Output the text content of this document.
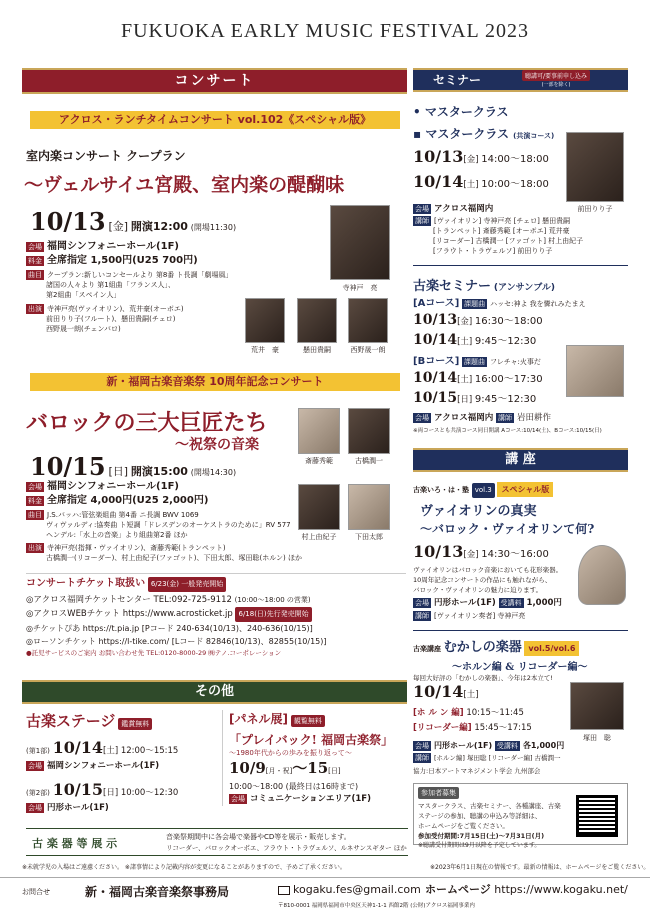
FUKUOKA EARLY MUSIC FESTIVAL 2023
コンサート
アクロス・ランチタイムコンサート vol.102《スペシャル版》
室内楽コンサート クープラン
～ヴェルサイユ宮殿、室内楽の醍醐味
10/13 [金] 開演12:00 (開場11:30)
会場 福岡シンフォニーホール(1F)
料金 全席指定 1,500円(U25 700円)
曲目 クープラン:新しいコンセールより 第8番 ト長調「劇場風」
諸国の人々より 第1組曲「フランス人」、
第2組曲「スペイン人」
出演 寺神戸亮(ヴァイオリン)、荒井豪(オーボエ)
前田りり子(フルート)、懸田貴嗣(チェロ)
西野晟一朗(チェンバロ)
寺神戸　亮
荒井　豪	懸田貴嗣	西野晟一朗
新・福岡古楽音楽祭 10周年記念コンサート
バロックの三大巨匠たち
～祝祭の音楽
10/15 [日] 開演15:00 (開場14:30)
会場 福岡シンフォニーホール(1F)
料金 全席指定 4,000円(U25 2,000円)
曲目 J.S.バッハ:管弦楽組曲 第4番 ニ長調 BWV 1069
ヴィヴァルディ:協奏曲 ト短調「ドレスデンのオーケストラのために」RV 577
ヘンデル:「水上の音楽」より組曲第2番 ほか
出演 寺神戸亮(指揮・ヴァイオリン)、斎藤秀範(トランペット)
古橋潤一(リコーダー)、村上由紀子(ファゴット)、下田太郎、塚田聡(ホルン) ほか
斎藤秀範	古橋潤一
村上由紀子	下田太郎
コンサートチケット取扱い 6/23(金) 一般発売開始
◎アクロス福岡チケットセンター TEL:092-725-9112 (10:00～18:00 の営業)
◎アクロスWEBチケット https://www.acrosticket.jp 6/18(日)先行発売開始
◎チケットぴあ https://t.pia.jp [Pコード 240-634(10/13)、240-636(10/15)]
◎ローソンチケット https://l-tike.com/ [Lコード 82846(10/13)、82855(10/15)]
●託児サービスのご案内 お問い合わせ先 TEL:0120-8000-29 ㈱テノ.コーポレーション
その他
古楽ステージ 鑑賞無料
(第1部) 10/14[土] 12:00～15:15
会場 福岡シンフォニーホール(1F)
(第2部) 10/15[日] 10:00～12:30
会場 円形ホール(1F)
[パネル展] 観覧無料
「プレイバック! 福岡古楽祭」
～1980年代からの歩みを振り返って～
10/9[月・祝]～15[日]
10:00～18:00 (最終日は16時まで)
会場 コミュニケーションエリア(1F)
古 楽 器 等 展 示	音楽祭期間中に各会場で楽器やCD等を展示・販売します。
リコーダー、バロックオーボエ、フラウト・トラヴェルソ、ルネサンスギター ほか
セミナー	聴講可/要事前申し込み
(一部を除く)
• マスタークラス
▪ マスタークラス (共演コース)
10/13[金] 14:00～18:00
10/14[土] 10:00～18:00
前田りり子
会場 アクロス福岡内
講師 [ヴァイオリン] 寺神戸亮 [チェロ] 懸田貴嗣
[トランペット] 斎藤秀範 [オーボエ] 荒井豪
[リコーダー] 古橋潤一 [ファゴット] 村上由紀子
[フラウト・トラヴェルソ] 前田りり子
古楽セミナー (アンサンブル)
[Aコース] 課題曲 ハッセ:神よ 我を憐れみたまえ
10/13[金] 16:30～18:00
10/14[土] 9:45～12:30
[Bコース] 課題曲 フレチャ:火事だ
10/14[土] 16:00～17:30
10/15[日] 9:45～12:30
会場 アクロス福岡内 講師 岩田耕作
※両コースとも共演コース同日開講 Aコース:10/14(土)、Bコース:10/15(日)
講 座
古楽いろ・は・塾 vol.3 スペシャル版
ヴァイオリンの真実
～バロック・ヴァイオリンて何?
10/13[金] 14:30～16:00
ヴァイオリンはバロック音楽においても花形楽器。
10周年記念コンサートの作品にも触れながら、
バロック・ヴァイオリンの魅力に迫ります。
会場 円形ホール(1F) 受講料 1,000円
講師 [ヴァイオリン奏者] 寺神戸亮
古楽講座 むかしの楽器 vol.5/vol.6
～ホルン編 & リコーダー編～
毎回大好評の「むかしの楽器」、今年は2本立て!
10/14[土]
[ホ ル ン 編] 10:15～11:45
[リコーダー編] 15:45～17:15
会場 円形ホール(1F) 受講料 各1,000円
講師 [ホルン編] 塚田聡 [リコーダー編] 古橋潤一
協力:日本アートマネジメント学会 九州部会
塚田　聡
参加者募集
マスタークラス、古楽セミナー、各種講座、古楽
ステージの参加、聴講の申込み等詳細は、
ホームページをご覧ください。
参加受付期間:7月15日(土)～7月31日(月)
※聴講受付期間は9月以降を予定しています。
※未就学児の入場はご遠慮ください。 ※諸事情により記載内容が変更になることがありますので、予めご了承ください。	※2023年6月1日現在の情報です。最新の情報は、ホームページをご覧ください。
お問合せ	新・福岡古楽音楽祭事務局	kogaku.fes@gmail.com ホームページ https://www.kogaku.net/
〒810-0001 福岡県福岡市中央区天神1-1-1 西館2階 (公財)アクロス福岡事業内
